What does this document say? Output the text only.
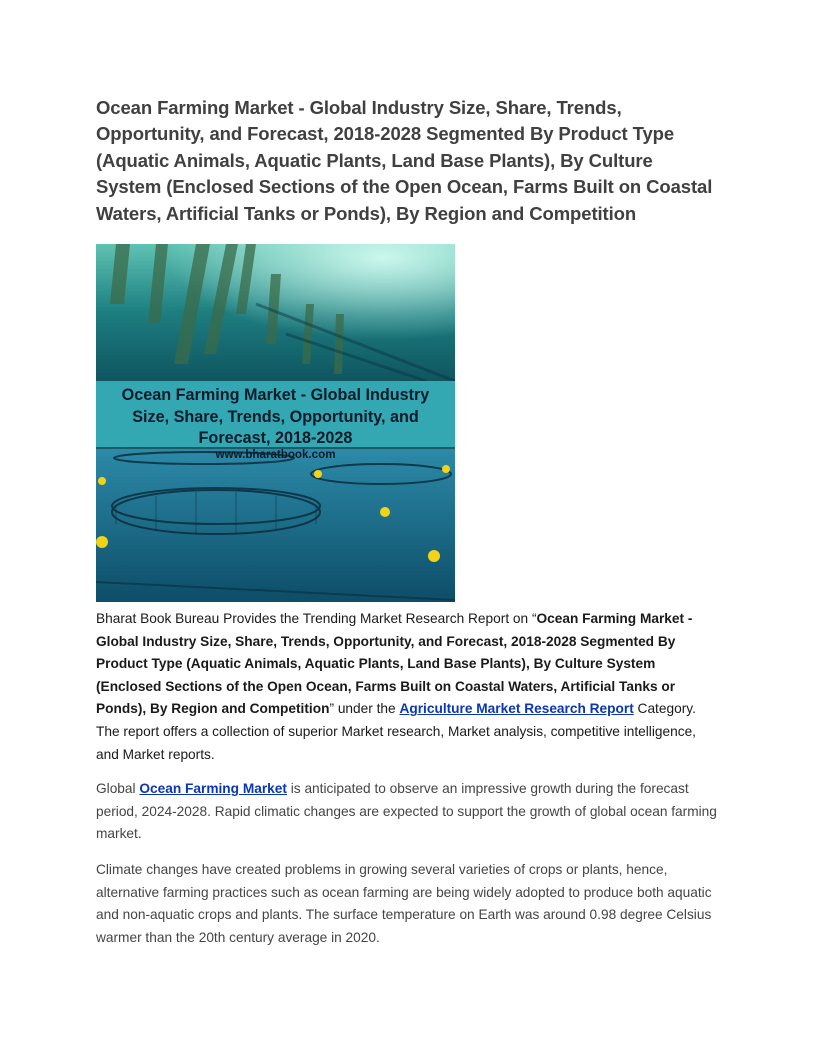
Ocean Farming Market - Global Industry Size, Share, Trends, Opportunity, and Forecast, 2018-2028 Segmented By Product Type (Aquatic Animals, Aquatic Plants, Land Base Plants), By Culture System (Enclosed Sections of the Open Ocean, Farms Built on Coastal Waters, Artificial Tanks or Ponds), By Region and Competition
Ocean Farming Market - Global Industry
Size, Share, Trends, Opportunity, and
Forecast, 2018-2028
www.bharatbook.com

Bharat Book Bureau Provides the Trending Market Research Report on “Ocean Farming Market - Global Industry Size, Share, Trends, Opportunity, and Forecast, 2018-2028 Segmented By Product Type (Aquatic Animals, Aquatic Plants, Land Base Plants), By Culture System (Enclosed Sections of the Open Ocean, Farms Built on Coastal Waters, Artificial Tanks or Ponds), By Region and Competition” under the Agriculture Market Research Report Category. The report offers a collection of superior Market research, Market analysis, competitive intelligence, and Market reports.

Global Ocean Farming Market is anticipated to observe an impressive growth during the forecast period, 2024-2028. Rapid climatic changes are expected to support the growth of global ocean farming market.

Climate changes have created problems in growing several varieties of crops or plants, hence, alternative farming practices such as ocean farming are being widely adopted to produce both aquatic and non-aquatic crops and plants. The surface temperature on Earth was around 0.98 degree Celsius warmer than the 20th century average in 2020.
